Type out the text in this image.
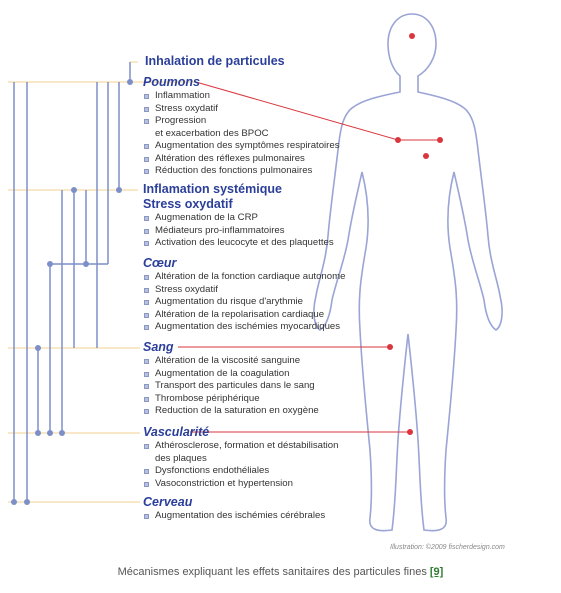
Inhalation de particules
Poumons
Inflammation
Stress oxydatif
Progression
et exacerbation des BPOC
Augmentation des symptômes respiratoires
Altération des réflexes pulmonaires
Réduction des fonctions pulmonaires
Inflamation systémique
Stress oxydatif
Augmenation de la CRP
Médiateurs pro-inflammatoires
Activation des leucocyte et des plaquettes
Cœur
Altération de la fonction cardiaque autonome
Stress oxydatif
Augmentation du risque d'arythmie
Altération de la repolarisation cardiaque
Augmentation des ischémies myocardiques
Sang
Altération de la viscosité sanguine
Augmentation de la coagulation
Transport des particules dans le sang
Thrombose périphérique
Reduction de la saturation en oxygène
Vascularité
Athérosclerose, formation et déstabilisation
des plaques
Dysfonctions endothéliales
Vasoconstriction et hypertension
Cerveau
Augmentation des ischémies cérébrales
Illustration: ©2009 fischerdesign.com
Mécanismes expliquant les effets sanitaires des particules fines [9]
